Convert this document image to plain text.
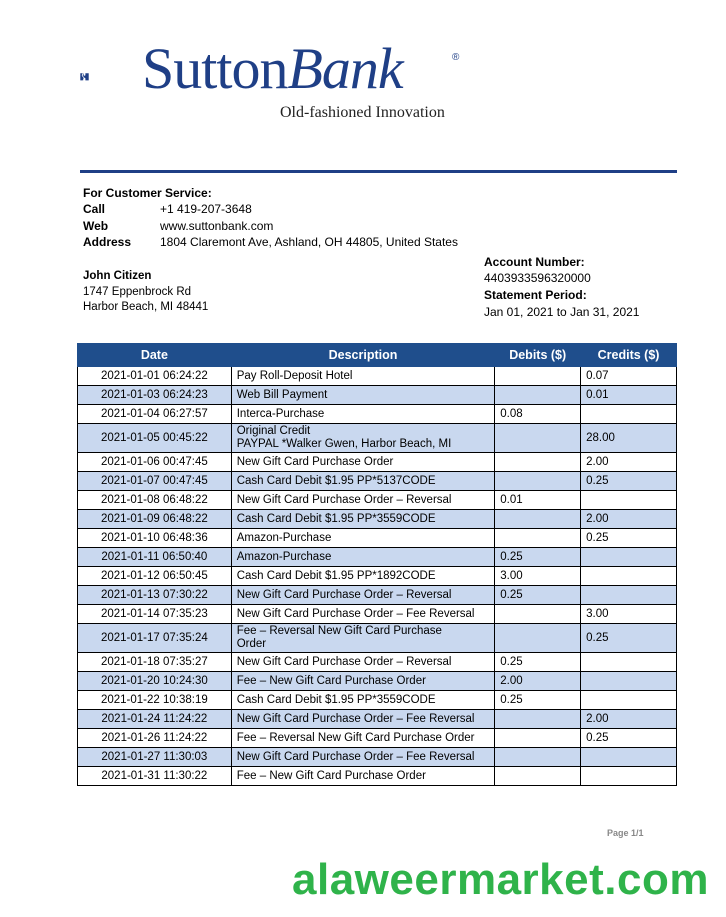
SuttonBank	®
Old-fashioned Innovation
For Customer Service:
Call	+1 419-207-3648
Web	www.suttonbank.com
Address 1804 Claremont Ave, Ashland, OH 44805, United States
John Citizen
1747 Eppenbrock Rd
Harbor Beach, MI 48441
Account Number:
4403933596320000
Statement Period:
Jan 01, 2021 to Jan 31, 2021
Date	Description	Debits ($)	Credits ($)
2021-01-01 06:24:22	Pay Roll-Deposit Hotel		0.07
2021-01-03 06:24:23	Web Bill Payment		0.01
2021-01-04 06:27:57	Interca-Purchase	0.08	
2021-01-05 00:45:22	Original Credit
PAYPAL *Walker Gwen, Harbor Beach, MI		28.00
2021-01-06 00:47:45	New Gift Card Purchase Order		2.00
2021-01-07 00:47:45	Cash Card Debit $1.95 PP*5137CODE		0.25
2021-01-08 06:48:22	New Gift Card Purchase Order – Reversal	0.01	
2021-01-09 06:48:22	Cash Card Debit $1.95 PP*3559CODE		2.00
2021-01-10 06:48:36	Amazon-Purchase		0.25
2021-01-11 06:50:40	Amazon-Purchase	0.25	
2021-01-12 06:50:45	Cash Card Debit $1.95 PP*1892CODE	3.00	
2021-01-13 07:30:22	New Gift Card Purchase Order – Reversal	0.25	
2021-01-14 07:35:23	New Gift Card Purchase Order – Fee Reversal		3.00
2021-01-17 07:35:24	Fee – Reversal New Gift Card Purchase
Order		0.25
2021-01-18 07:35:27	New Gift Card Purchase Order – Reversal	0.25	
2021-01-20 10:24:30	Fee – New Gift Card Purchase Order	2.00	
2021-01-22 10:38:19	Cash Card Debit $1.95 PP*3559CODE	0.25	
2021-01-24 11:24:22	New Gift Card Purchase Order – Fee Reversal		2.00
2021-01-26 11:24:22	Fee – Reversal New Gift Card Purchase Order		0.25
2021-01-27 11:30:03	New Gift Card Purchase Order – Fee Reversal		
2021-01-31 11:30:22	Fee – New Gift Card Purchase Order		
Page 1/1
alaweermarket.com
